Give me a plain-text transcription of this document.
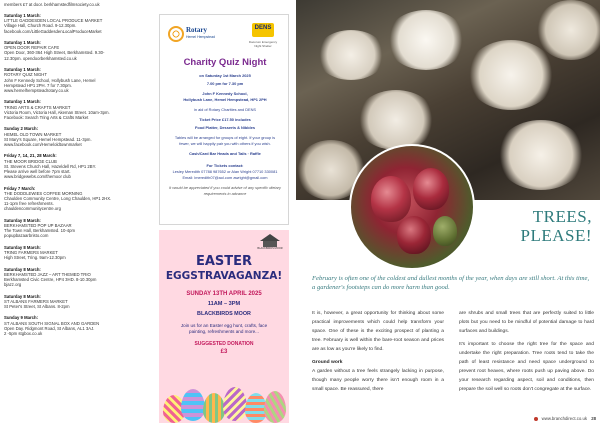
members £7 at door. berkhamstedfilmsociety.co.uk
Saturday 1 March:
LITTLE GADDESDEN LOCAL PRODUCE MARKET
Village Hall, Church Road. 9-12.30pm.
facebook.com/LittleGaddesdenLocalProduceMarket
Saturday 1 March:
OPEN DOOR REPAIR CAFE
Open Door, 360-364 High Street, Berkhamsted. 9.30-
12.30pm. opendoorberkhamsted.co.uk
Saturday 1 March:
ROTARY QUIZ NIGHT
John F Kennedy School, Hollybush Lane, Hemel
Hempstead HP1 2PH. 7 for 7.30pm.
www.hemelhempsteadrotary.co.uk
Saturday 1 March:
TRING ARTS & CRAFTS MARKET
Victoria Room, Victoria Hall, Akeman Street. 10am-3pm.
Facebook: Search Tring Arts & Crafts Market
Sunday 2 March:
HEMEL OLD TOWN MARKET
St Mary's Square, Hemel Hempstead. 11-3pm.
www.facebook.com/Hemeloldtownmarket
Friday 7, 14, 21, 28 March:
THE MOOR BRIDGE CLUB
St. Stevens Church Hall, Hazeldell Rd, HP1 2BY.
Please arrive well before 7pm start.
www.bridgewebs.com/themoor club
Friday 7 March:
THE DODDLEWIES COFFEE MORNING
Chaulden Community Centre, Long Chaulden, HP1 2HX.
11-1pm free refreshments.
chauldencommunitycentre.org
Saturday 8 March:
BERKHAMSTED POP UP BAZAAR
The Town Hall, Berkhamsted. 10-4pm
popupbazaarbristo.com
Saturday 8 March:
TRING FARMERS MARKET
High Street, Tring. 9am-12.30pm
Saturday 8 March:
BERKHAMSTED JAZZ – ART THEMED TRIO
Berkhamsted Civic Centre, HP4 3HD. 8-10.30pm
bjazz.org
Saturday 8 March:
ST ALBANS FARMERS MARKET
St Peter's Street, St Albans. 8-2pm
Sunday 9 March:
ST ALBANS SOUTH SIGNAL BOX AND GARDEN
Open Day. Ridgmont Road, St Albans, AL1 3AJ.
2 -5pm stgbox.co.uk
Rotary
Hemel Hempstead
DENS
Dacorum Emergency Night Shelter
Charity Quiz Night
on Saturday 1st March 2025
7.00 pm for 7.30 pm
John F Kennedy School,
Hollybush Lane, Hemel Hempstead, HP1 2PH
in aid of Rotary Charities and DENS
Ticket Price £17.50 includes
Food Platter, Desserts & Nibbles
Tables will be arranged for groups of eight. If your group is
fewer, we will happily pair you with others if you wish.
Cash/Card Bar Heads and Tails · Raffle
For Tickets contact:
Lesley Meredith 07788 987652 or Alan Wright 07710 330081
Email: lmeredith07@aol.com awright@gmail.com
It would be appreciated if you could advise of any specific dietary
requirements in advance
BLACKBIRDS MOOR
EASTER
EGGSTRAVAGANZA!
SUNDAY 13TH APRIL 2025
11AM – 3PM
BLACKBIRDS MOOR
Join us for an Easter egg hunt, crafts, face
painting, refreshments and more...
SUGGESTED DONATION
£3
TREES,
PLEASE!
February is often one of the coldest and dullest months of the year, when days are still short. At this time, a gardener's footsteps can do more harm than good.

It is, however, a great opportunity for thinking about some practical improvements which could help transform your space. One of these is the exciting prospect of planting a tree. February is well within the bare-root season and prices are as low as you're likely to find.

Ground work

A garden without a tree feels strangely lacking in purpose, though many people worry there isn't enough room in a small space. Be reassured, there

are shrubs and small trees that are perfectly suited to little plots but you need to be mindful of potential damage to hard surfaces and buildings.

It's important to choose the right tree for the space and undertake the right preparation. Tree roots tend to take the path of least resistance and need space underground to prevent root heaves, where roots push up paving above. Do your research regarding aspect, soil and conditions, then prepare the soil well so roots don't congregate at the surface.

www.branchdirect.co.uk 28
